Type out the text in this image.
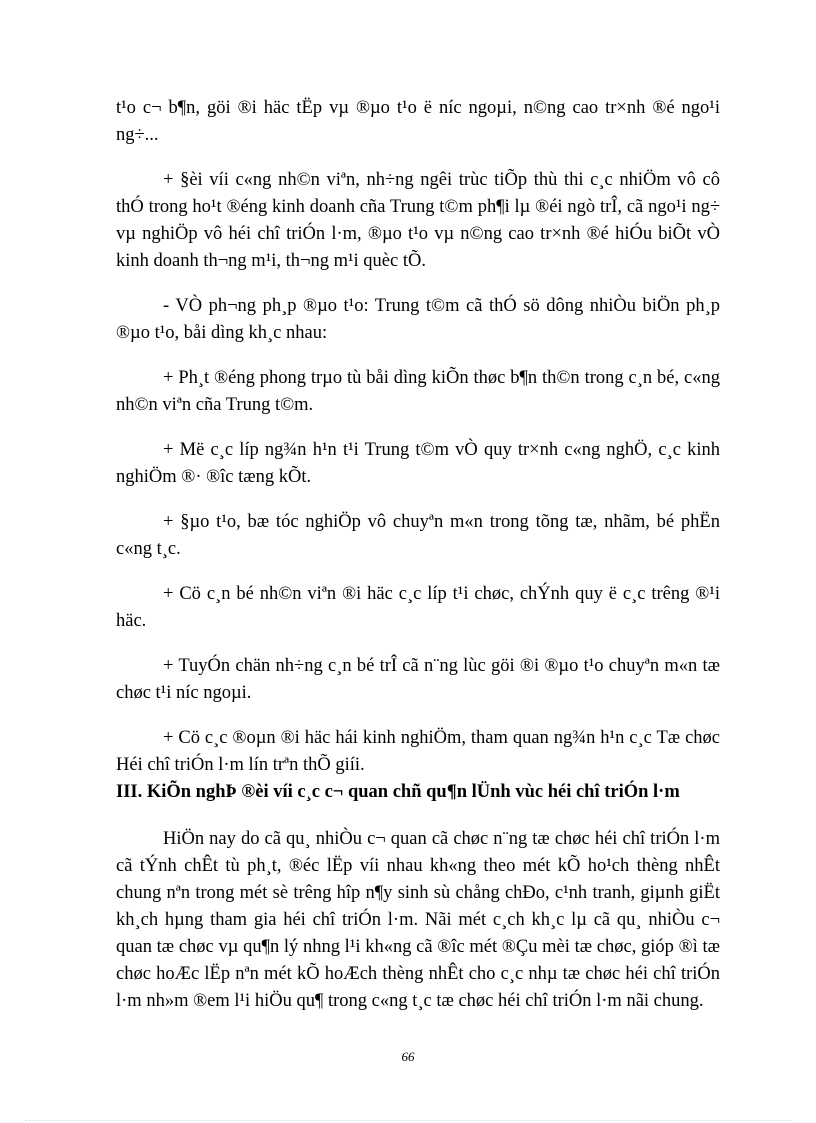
t¹o c¬ b¶n, göi ®i häc tËp vµ ®µo t¹o ë níc ngoµi, n©ng cao tr×nh ®é ngo¹i ng÷...

+ §èi víi c«ng nh©n viªn, nh÷ng ngêi trùc tiÕp thù thi c¸c nhiÖm vô cô thÓ trong ho¹t ®éng kinh doanh cña Trung t©m ph¶i lµ ®éi ngò trÎ, cã ngo¹i ng÷ vµ nghiÖp vô héi chî triÓn l·m, ®µo t¹o vµ n©ng cao tr×nh ®é hiÓu biÕt vÒ kinh doanh th¬ng m¹i, th¬ng m¹i quèc tÕ.

- VÒ ph¬ng ph¸p ®µo t¹o: Trung t©m cã thÓ sö dông nhiÒu biÖn ph¸p ®µo t¹o, båi dìng kh¸c nhau:

+ Ph¸t ®éng phong trµo tù båi dìng kiÕn thøc b¶n th©n trong c¸n bé, c«ng nh©n viªn cña Trung t©m.

+ Më c¸c líp ng¾n h¹n t¹i Trung t©m vÒ quy tr×nh c«ng nghÖ, c¸c kinh nghiÖm ®· ®îc tæng kÕt.

+ §µo t¹o, bæ tóc nghiÖp vô chuyªn m«n trong tõng tæ, nhãm, bé phËn c«ng t¸c.

+ Cö c¸n bé nh©n viªn ®i häc c¸c líp t¹i chøc, chÝnh quy ë c¸c trêng ®¹i häc.

+ TuyÓn chän nh÷ng c¸n bé trÎ cã n¨ng lùc göi ®i ®µo t¹o chuyªn m«n tæ chøc t¹i níc ngoµi.

+ Cö c¸c ®oµn ®i häc hái kinh nghiÖm, tham quan ng¾n h¹n c¸c Tæ chøc Héi chî triÓn l·m lín trªn thÕ giíi.

III. KiÕn nghÞ ®èi víi c¸c c¬ quan chñ qu¶n lÜnh vùc héi chî triÓn l·m

HiÖn nay do cã qu¸ nhiÒu c¬ quan cã chøc n¨ng tæ chøc héi chî triÓn l·m cã tÝnh chÊt tù ph¸t, ®éc lËp víi nhau kh«ng theo mét kÕ ho¹ch thèng nhÊt chung nªn trong mét sè trêng hîp n¶y sinh sù chång chÐo, c¹nh tranh, giµnh giËt kh¸ch hµng tham gia héi chî triÓn l·m. Nãi mét c¸ch kh¸c lµ cã qu¸ nhiÒu c¬ quan tæ chøc vµ qu¶n lý nhng l¹i kh«ng cã ®îc mét ®Çu mèi tæ chøc, gióp ®ì tæ chøc hoÆc lËp nªn mét kÕ hoÆch thèng nhÊt cho c¸c nhµ tæ chøc héi chî triÓn l·m nh»m ®em l¹i hiÖu qu¶ trong c«ng t¸c tæ chøc héi chî triÓn l·m nãi chung.

66
